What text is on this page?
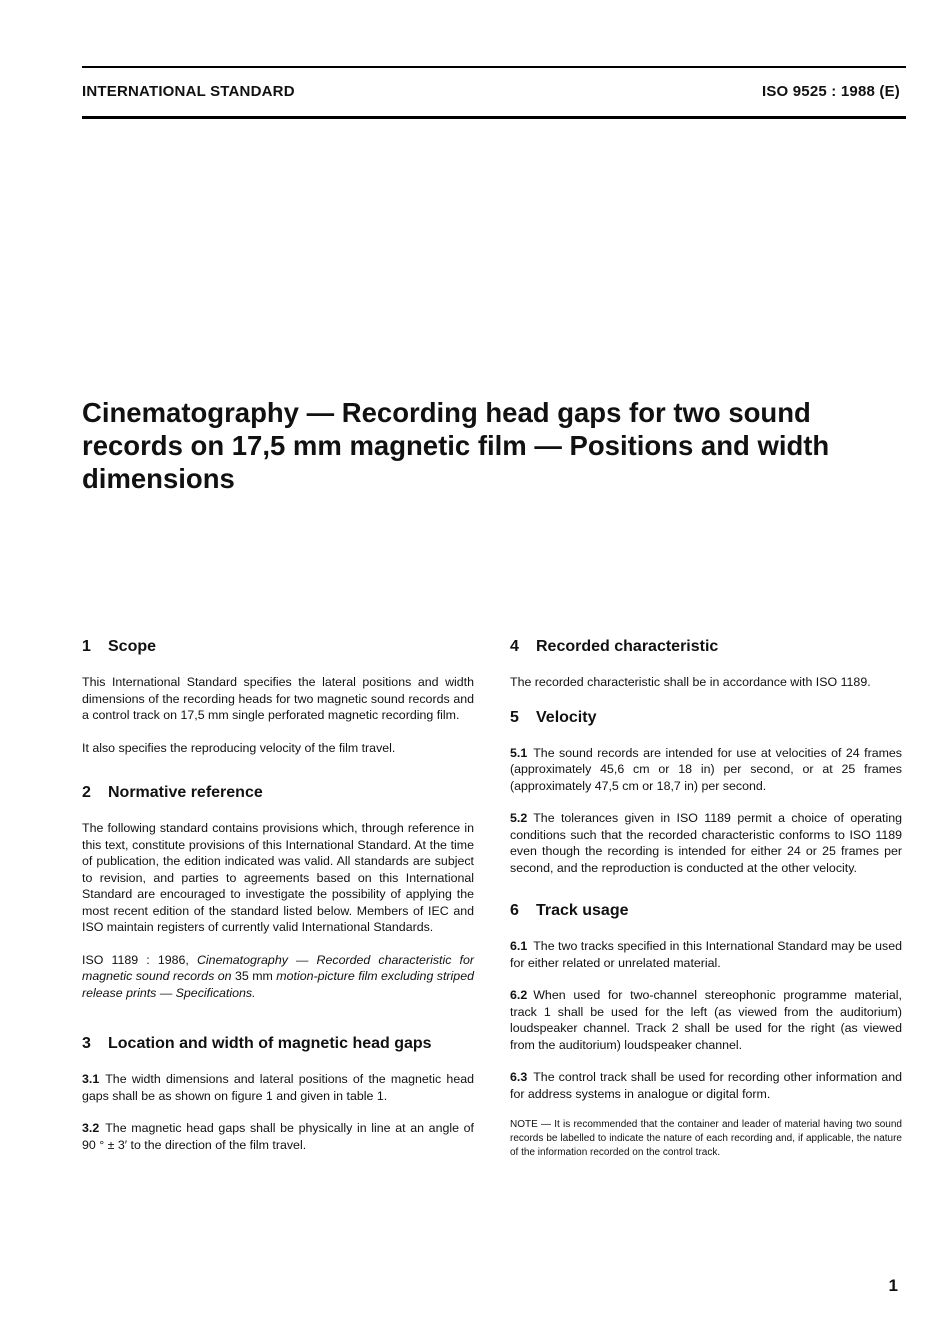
INTERNATIONAL STANDARD	ISO 9525 : 1988 (E)
Cinematography — Recording head gaps for two sound records on 17,5 mm magnetic film — Positions and width dimensions
1 Scope

This International Standard specifies the lateral positions and width dimensions of the recording heads for two magnetic sound records and a control track on 17,5 mm single perforated magnetic recording film.

It also specifies the reproducing velocity of the film travel.

2 Normative reference

The following standard contains provisions which, through reference in this text, constitute provisions of this International Standard. At the time of publication, the edition indicated was valid. All standards are subject to revision, and parties to agreements based on this International Standard are encouraged to investigate the possibility of applying the most recent edition of the standard listed below. Members of IEC and ISO maintain registers of currently valid International Standards.

ISO 1189 : 1986, Cinematography — Recorded characteristic for magnetic sound records on 35 mm motion-picture film excluding striped release prints — Specifications.

3 Location and width of magnetic head gaps

3.1 The width dimensions and lateral positions of the magnetic head gaps shall be as shown on figure 1 and given in table 1.

3.2 The magnetic head gaps shall be physically in line at an angle of 90 ° ± 3′ to the direction of the film travel.

4 Recorded characteristic

The recorded characteristic shall be in accordance with ISO 1189.

5 Velocity

5.1 The sound records are intended for use at velocities of 24 frames (approximately 45,6 cm or 18 in) per second, or at 25 frames (approximately 47,5 cm or 18,7 in) per second.

5.2 The tolerances given in ISO 1189 permit a choice of operating conditions such that the recorded characteristic conforms to ISO 1189 even though the recording is intended for either 24 or 25 frames per second, and the reproduction is conducted at the other velocity.

6 Track usage

6.1 The two tracks specified in this International Standard may be used for either related or unrelated material.

6.2 When used for two-channel stereophonic programme material, track 1 shall be used for the left (as viewed from the auditorium) loudspeaker channel. Track 2 shall be used for the right (as viewed from the auditorium) loudspeaker channel.

6.3 The control track shall be used for recording other information and for address systems in analogue or digital form.

NOTE — It is recommended that the container and leader of material having two sound records be labelled to indicate the nature of each recording and, if applicable, the nature of the information recorded on the control track.

1
